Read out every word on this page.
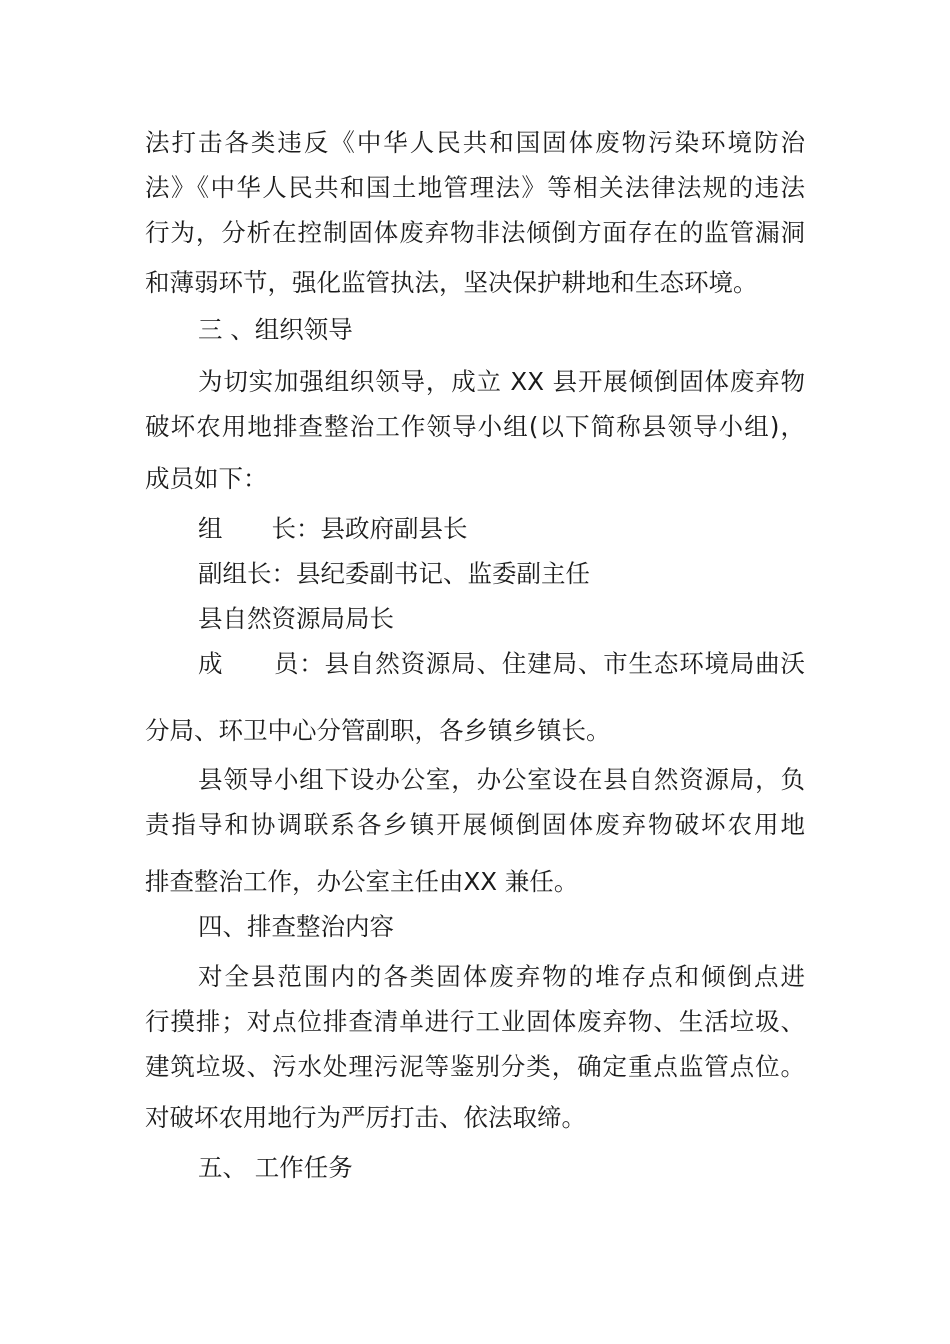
法打击各类违反《中华人民共和国固体废物污染环境防治
法》《中华人民共和国土地管理法》等相关法律法规的违法
行为，分析在控制固体废弃物非法倾倒方面存在的监管漏洞
和薄弱环节，强化监管执法，坚决保护耕地和生态环境。
三 、组织领导
为切实加强组织领导，成立 XX 县开展倾倒固体废弃物
破坏农用地排查整治工作领导小组(以下简称县领导小组)，
成员如下：
组　　长：县政府副县长
副组长：县纪委副书记、监委副主任
县自然资源局局长
成　　员：县自然资源局、住建局、市生态环境局曲沃
分局、环卫中心分管副职，各乡镇乡镇长。
县领导小组下设办公室，办公室设在县自然资源局，负
责指导和协调联系各乡镇开展倾倒固体废弃物破坏农用地
排查整治工作，办公室主任由XX 兼任。
四、排查整治内容
对全县范围内的各类固体废弃物的堆存点和倾倒点进
行摸排；对点位排查清单进行工业固体废弃物、生活垃圾、
建筑垃圾、污水处理污泥等鉴别分类，确定重点监管点位。
对破坏农用地行为严厉打击、依法取缔。
五、 工作任务
